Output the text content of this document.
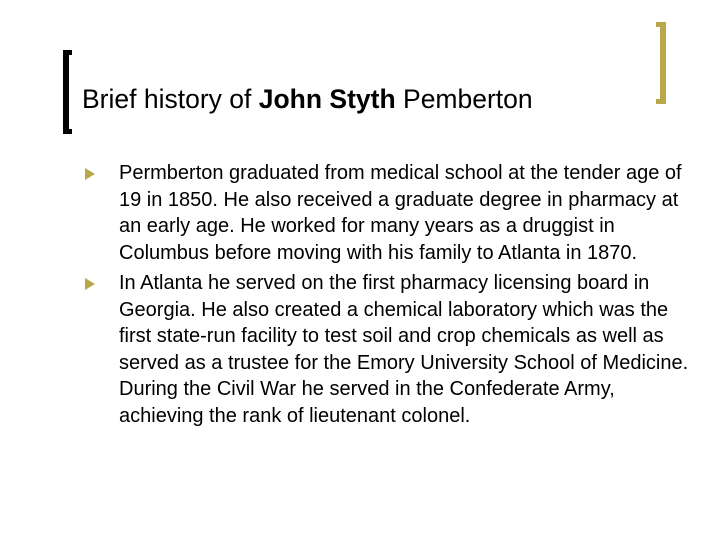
Brief history of John Styth Pemberton
Permberton graduated from medical school at the tender age of 19 in 1850. He also received a graduate degree in pharmacy at an early age. He worked for many years as a druggist in Columbus before moving with his family to Atlanta in 1870.
In Atlanta he served on the first pharmacy licensing board in Georgia. He also created a chemical laboratory which was the first state-run facility to test soil and crop chemicals as well as served as a trustee for the Emory University School of Medicine. During the Civil War he served in the Confederate Army, achieving the rank of lieutenant colonel.
